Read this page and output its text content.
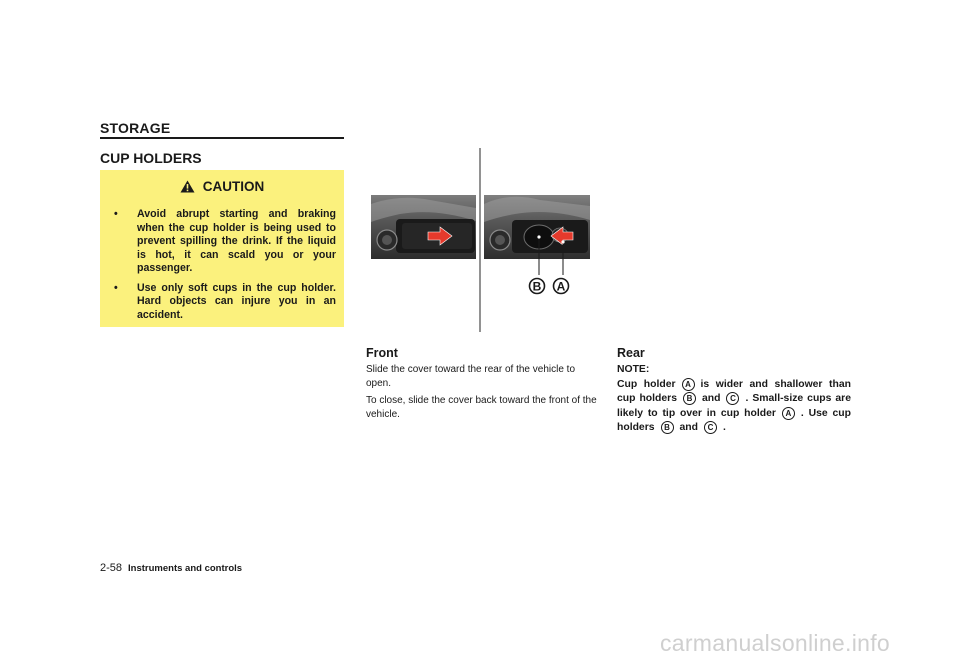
STORAGE
CUP HOLDERS
CAUTION
• Avoid abrupt starting and braking when the cup holder is being used to prevent spilling the drink. If the liquid is hot, it can scald you or your passenger.
• Use only soft cups in the cup holder. Hard objects can injure you in an accident.
B A
Front
Slide the cover toward the rear of the vehicle to open.
To close, slide the cover back toward the front of the vehicle.
Rear
NOTE:
Cup holder A is wider and shallower than cup holders B and C . Small-size cups are likely to tip over in cup holder A . Use cup holders B and C .
2-58 Instruments and controls
carmanualsonline.info
